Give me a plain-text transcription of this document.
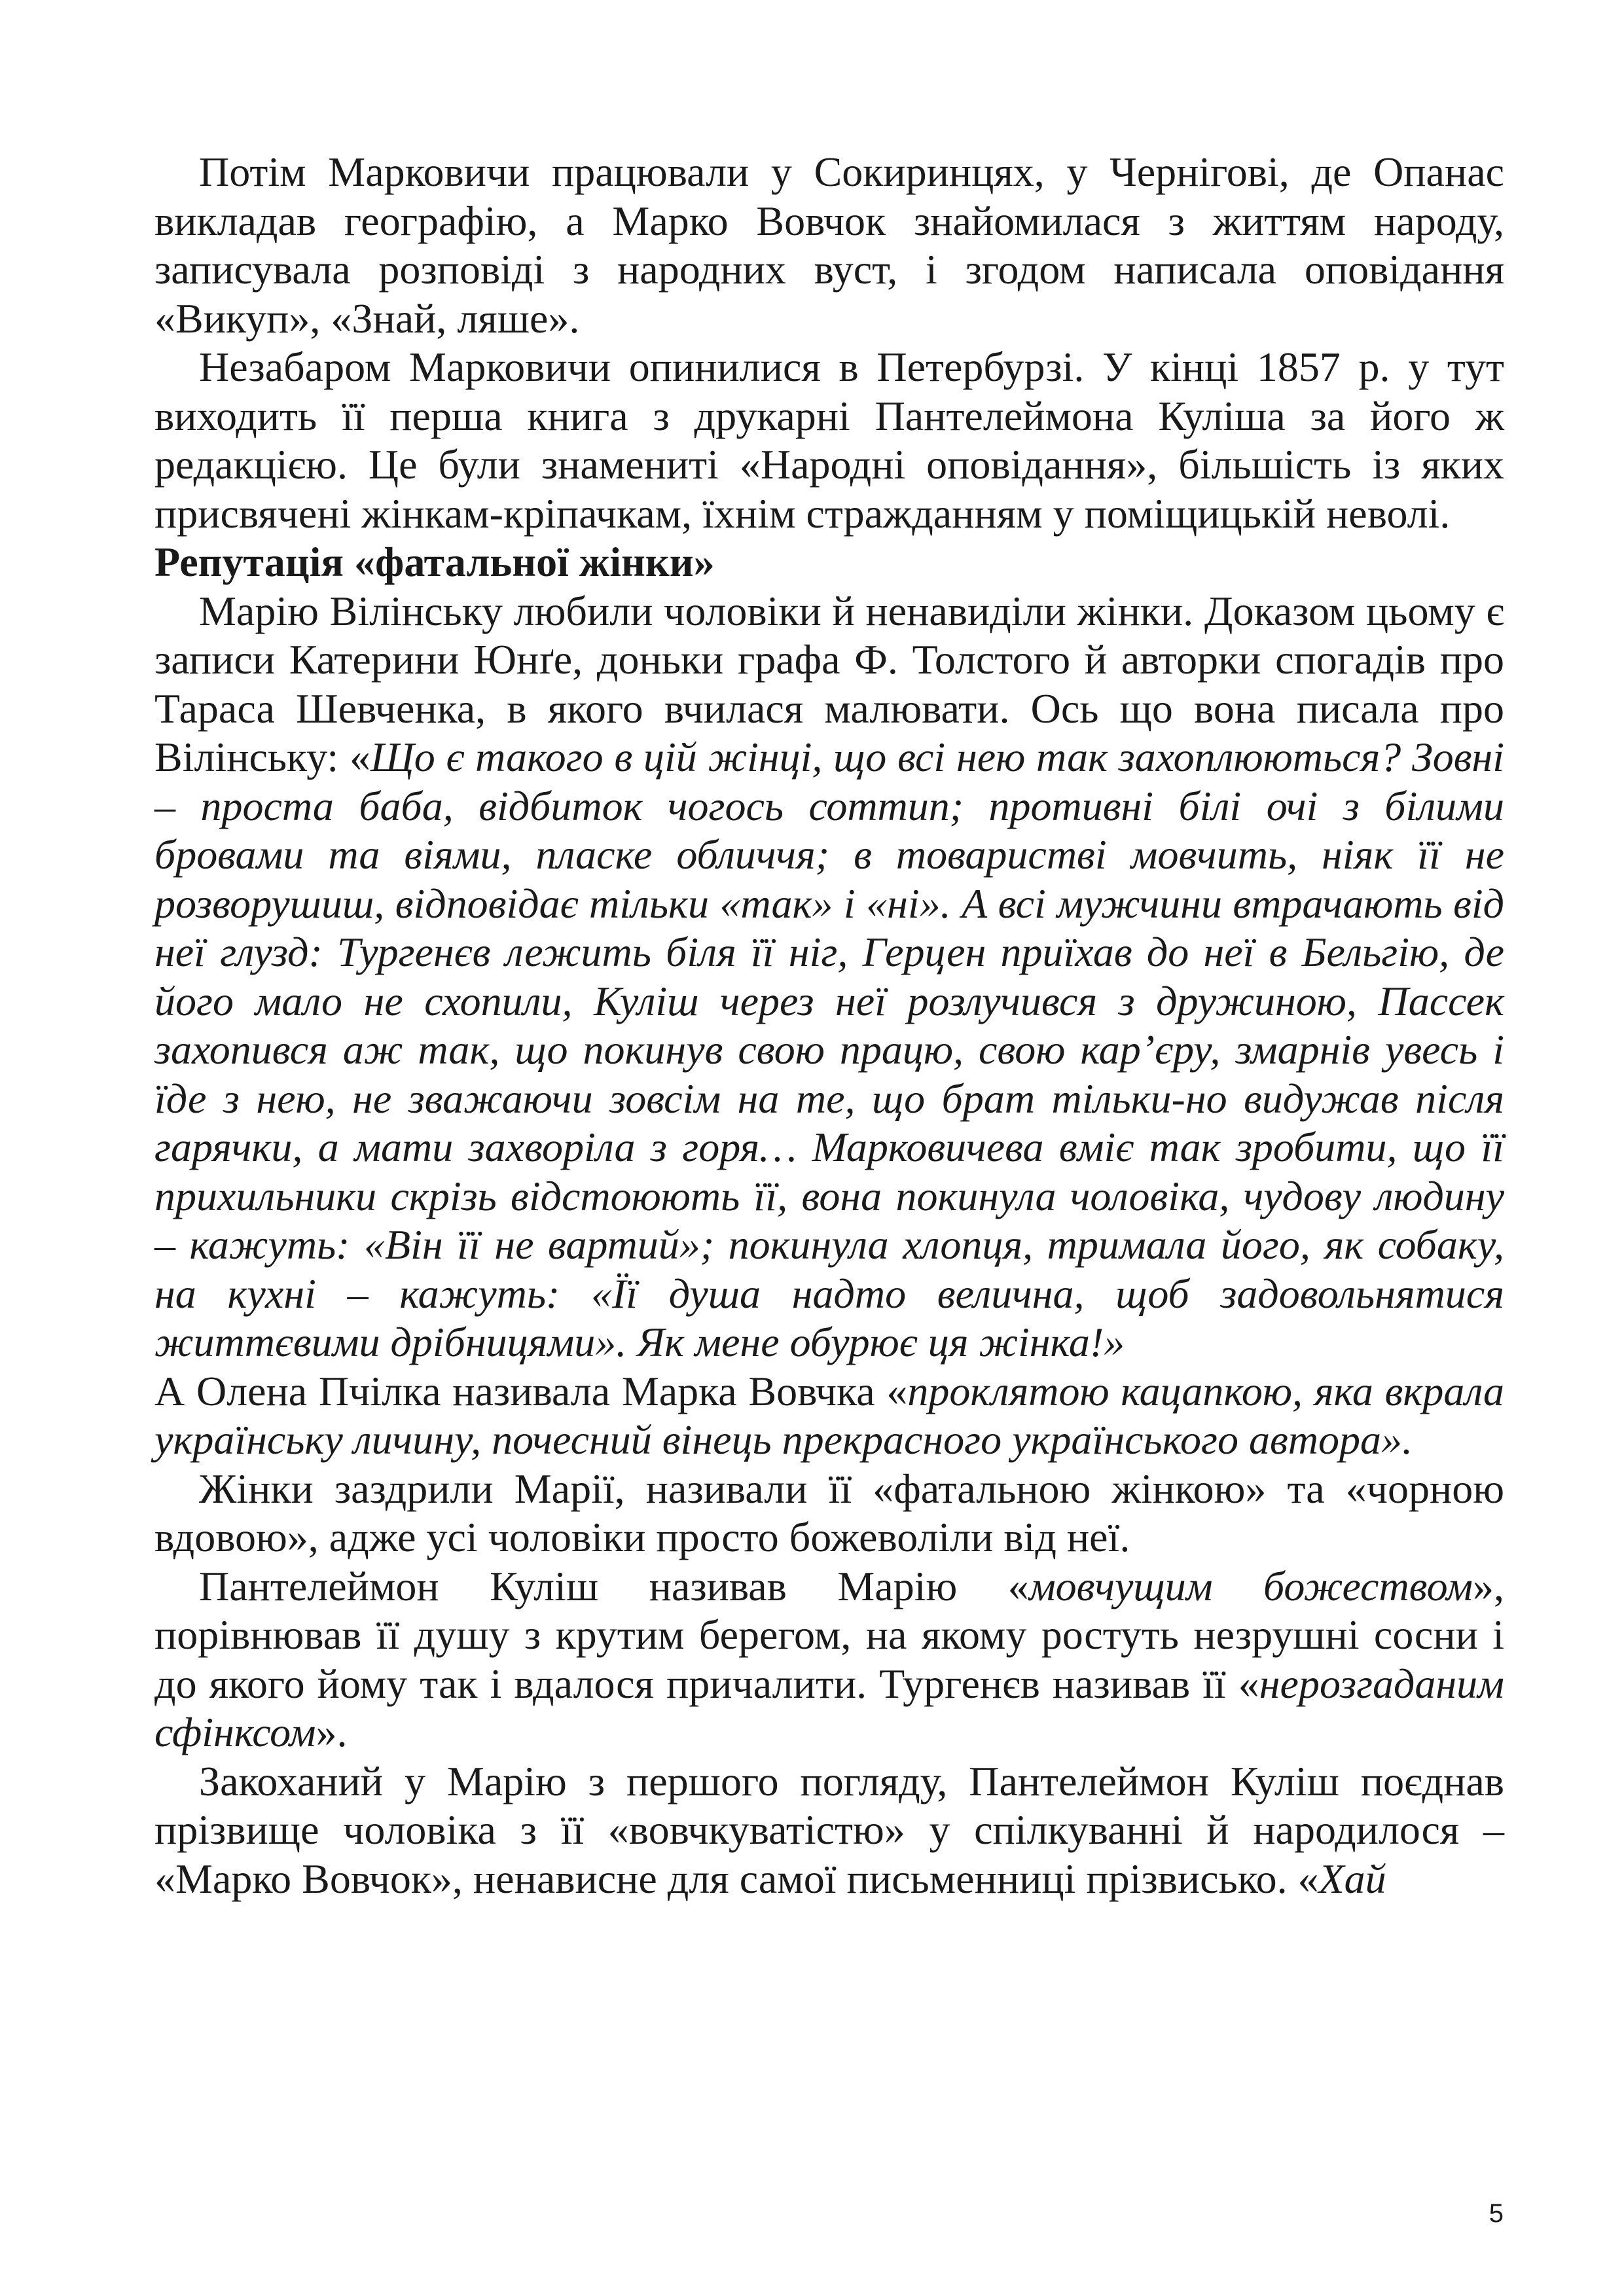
Потім Марковичи працювали у Сокиринцях, у Чернігові, де Опанас викладав географію, а Марко Вовчок знайомилася з життям народу, записувала розповіді з народних вуст, і згодом написала оповідання «Викуп», «Знай, ляше».

Незабаром Марковичи опинилися в Петербурзі. У кінці 1857 р. у тут виходить її перша книга з друкарні Пантелеймона Куліша за його ж редакцією. Це були знамениті «Народні оповідання», більшість із яких присвячені жінкам-кріпачкам, їхнім стражданням у поміщицькій неволі.

Репутація «фатальної жінки»

Марію Вілінську любили чоловіки й ненавиділи жінки. Доказом цьому є записи Катерини Юнґе, доньки графа Ф. Толстого й авторки спогадів про Тараса Шевченка, в якого вчилася малювати. Ось що вона писала про Вілінську: «Що є такого в цій жінці, що всі нею так захоплюються? Зовні – проста баба, відбиток чогось соттип; противні білі очі з білими бровами та віями, пласке обличчя; в товаристві мовчить, ніяк її не розворушиш, відповідає тільки «так» і «ні». А всі мужчини втрачають від неї глузд: Тургенєв лежить біля її ніг, Герцен приїхав до неї в Бельгію, де його мало не схопили, Куліш через неї розлучився з дружиною, Пассек захопився аж так, що покинув свою працю, свою кар’єру, змарнів увесь і їде з нею, не зважаючи зовсім на те, що брат тільки-но видужав після гарячки, а мати захворіла з горя… Марковичева вміє так зробити, що її прихильники скрізь відстоюють її, вона покинула чоловіка, чудову людину – кажуть: «Він її не вартий»; покинула хлопця, тримала його, як собаку, на кухні – кажуть: «Її душа надто велична, щоб задовольнятися життєвими дрібницями». Як мене обурює ця жінка!»

А Олена Пчілка називала Марка Вовчка «проклятою кацапкою, яка вкрала українську личину, почесний вінець прекрасного українського автора».

Жінки заздрили Марії, називали її «фатальною жінкою» та «чорною вдовою», адже усі чоловіки просто божеволіли від неї.

Пантелеймон Куліш називав Марію «мовчущим божеством», порівнював її душу з крутим берегом, на якому ростуть незрушні сосни і до якого йому так і вдалося причалити. Тургенєв називав її «нерозгаданим сфінксом».

Закоханий у Марію з першого погляду, Пантелеймон Куліш поєднав прізвище чоловіка з її «вовчкуватістю» у спілкуванні й народилося – «Марко Вовчок», ненависне для самої письменниці прізвисько. «Хай

5
